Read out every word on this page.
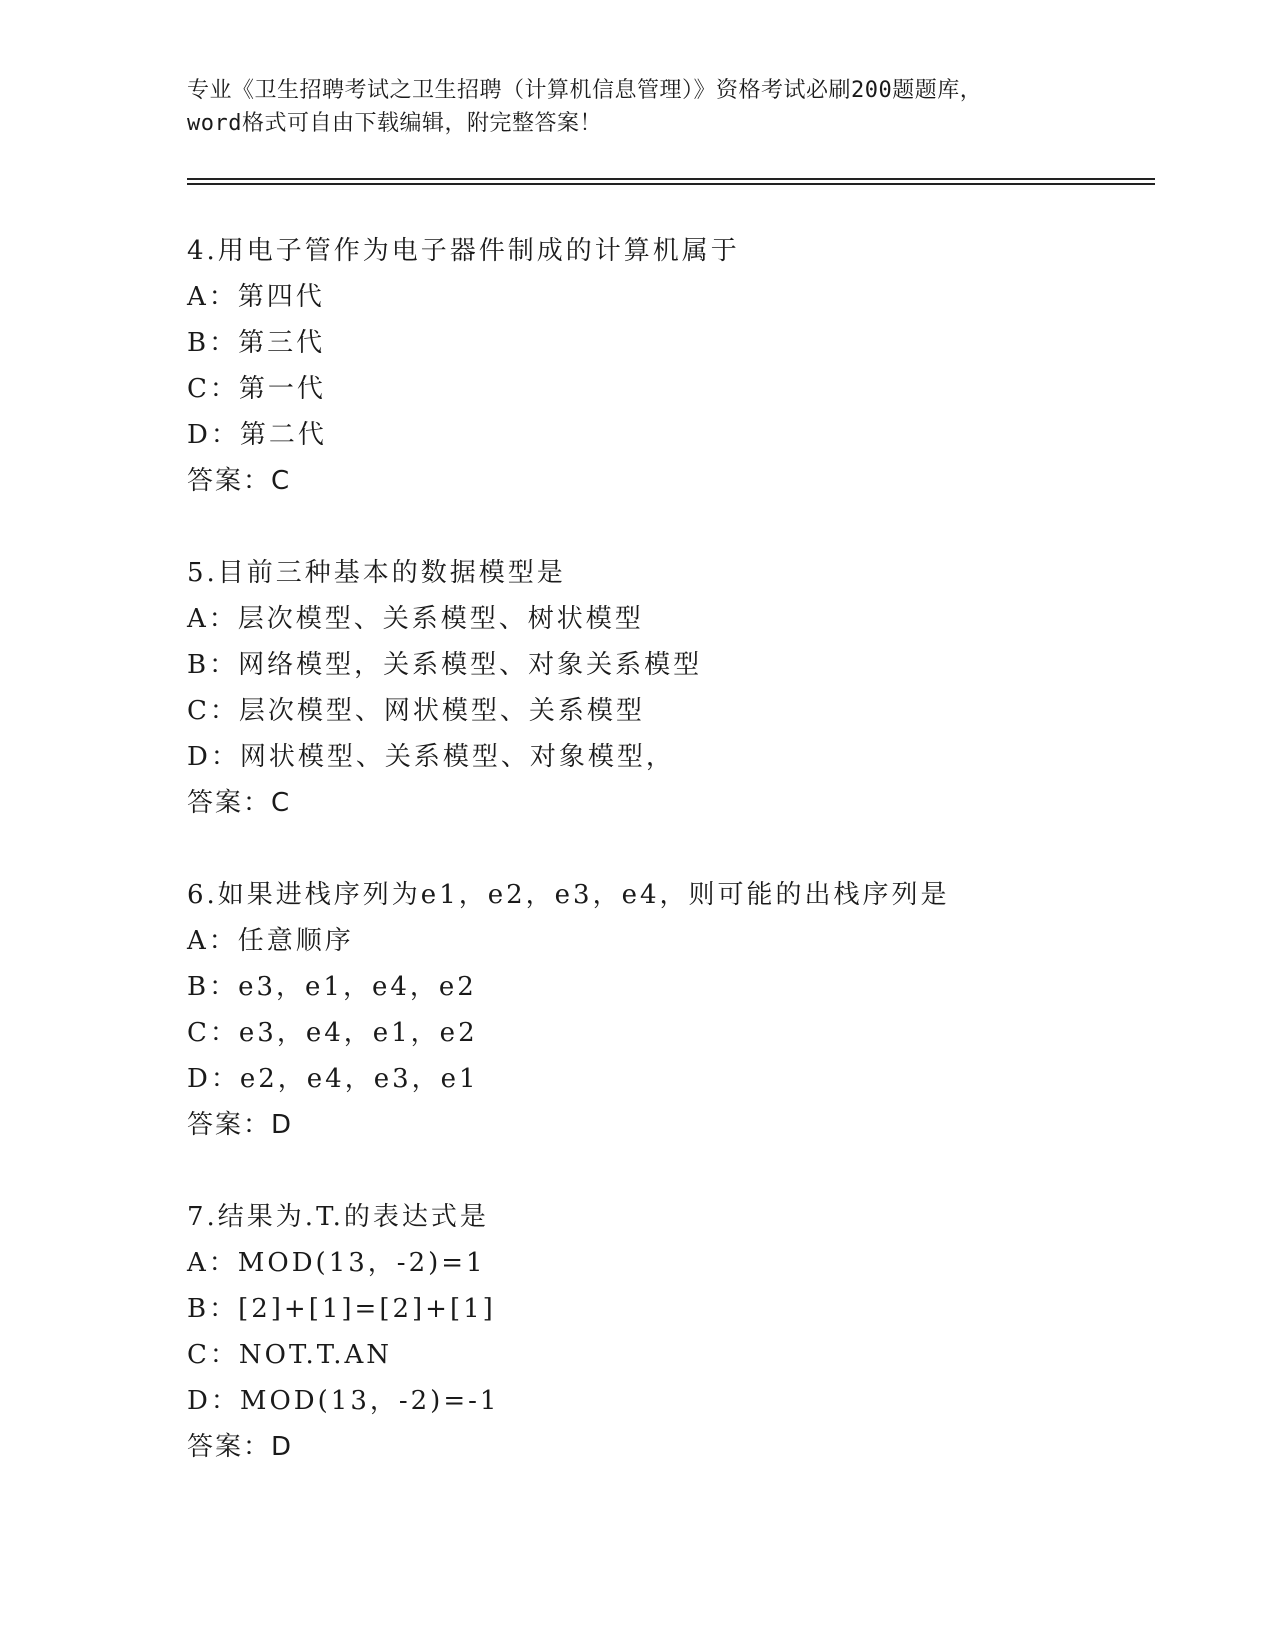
专业《卫生招聘考试之卫生招聘（计算机信息管理）》资格考试必刷200题题库，
word格式可自由下载编辑，附完整答案！
4.用电子管作为电子器件制成的计算机属于
A：第四代
B：第三代
C：第一代
D：第二代
答案：C
5.目前三种基本的数据模型是
A：层次模型、关系模型、树状模型
B：网络模型，关系模型、对象关系模型
C：层次模型、网状模型、关系模型
D：网状模型、关系模型、对象模型，
答案：C
6.如果进栈序列为e1，e2，e3，e4，则可能的出栈序列是
A：任意顺序
B：e3，e1，e4，e2
C：e3，e4，e1，e2
D：e2，e4，e3，e1
答案：D
7.结果为.T.的表达式是
A：MOD(13，-2)=1
B：[2]+[1]=[2]+[1]
C：NOT.T.AN
D：MOD(13，-2)=-1
答案：D
